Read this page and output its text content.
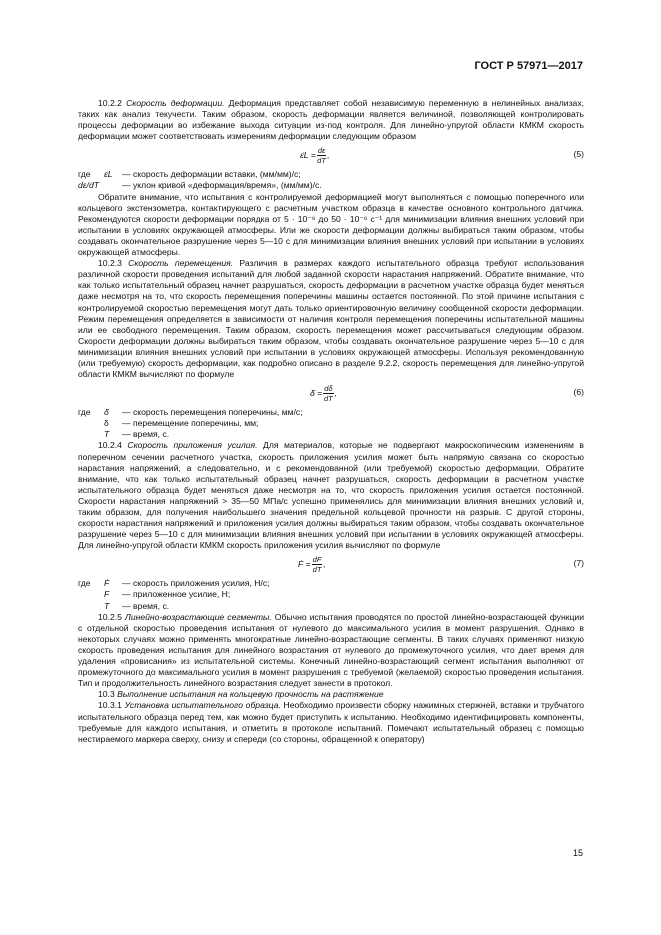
ГОСТ Р 57971—2017

10.2.2 Скорость деформации. Деформация представляет собой независимую переменную в нелинейных анализах, таких как анализ текучести. Таким образом, скорость деформации является величиной, позволяющей контролировать процессы деформации во избежание выхода ситуации из-под контроля. Для линейно-упругой области КМКМ скорость деформации может соответствовать измерениям деформации следующим образом

ε̇L = $\frac{d\varepsilon}{dT}$ ,	(5)
где	ε̇L	— скорость деформации вставки, (мм/мм)/с;
dε/dT	— уклон кривой «деформация/время», (мм/мм)/с.

Обратите внимание, что испытания с контролируемой деформацией могут выполняться с помощью поперечного или кольцевого экстензометра, контактирующего с расчетным участком образца в качестве основного контрольного датчика. Рекомендуются скорости деформации порядка от 5 · 10⁻⁶ до 50 · 10⁻⁶ с⁻¹ для минимизации влияния внешних условий при испытании в условиях окружающей атмосферы. Или же скорости деформации должны выбираться таким образом, чтобы создавать окончательное разрушение через 5—10 с для минимизации влияния внешних условий при испытании в условиях окружающей атмосферы.

10.2.3 Скорость перемещения. Различия в размерах каждого испытательного образца требуют использования различной скорости проведения испытаний для любой заданной скорости нарастания напряжений. Обратите внимание, что как только испытательный образец начнет разрушаться, скорость деформации в расчетном участке образца будет меняться даже несмотря на то, что скорость перемещения поперечины машины остается постоянной. По этой причине испытания с контролируемой скоростью перемещения могут дать только ориентировочную величину сообщенной скорости деформации. Режим перемещения определяется в зависимости от наличия контроля перемещения поперечины испытательной машины или ее свободного перемещения. Таким образом, скорость перемещения может рассчитываться следующим образом. Скорости деформации должны выбираться таким образом, чтобы создавать окончательное разрушение через 5—10 с для минимизации влияния внешних условий при испытании в условиях окружающей атмосферы. Используя рекомендованную (или требуемую) скорость деформации, как подробно описано в разделе 9.2.2, скорость перемещения для линейно-упругой области КМКМ вычисляют по формуле

δ̇ = $\frac{d\delta}{dT}$ ,	(6)
где	δ̇	— скорость перемещения поперечины, мм/с;
δ	— перемещение поперечины, мм;
T	— время, с.

10.2.4 Скорость приложения усилия. Для материалов, которые не подвергают макроскопическим изменениям в поперечном сечении расчетного участка, скорость приложения усилия может быть напрямую связана со скоростью нарастания напряжений, а следовательно, и с рекомендованной (или требуемой) скоростью деформации. Обратите внимание, что как только испытательный образец начнет разрушаться, скорость деформации в расчетном участке испытательного образца будет меняться даже несмотря на то, что скорость приложения усилия остается постоянной. Скорости нарастания напряжений > 35—50 МПа/с успешно применялись для минимизации влияния внешних условий и, таким образом, для получения наибольшего значения предельной кольцевой прочности на разрыв. С другой стороны, скорости нарастания напряжений и приложения усилия должны выбираться таким образом, чтобы создавать окончательное разрушение через 5—10 с для минимизации влияния внешних условий при испытании в условиях окружающей атмосферы. Для линейно-упругой области КМКМ скорость приложения усилия вычисляют по формуле

Ḟ = $\frac{dF}{dT}$ ,	(7)
где	Ḟ	— скорость приложения усилия, Н/с;
F	— приложенное усилие, Н;
T	— время, с.

10.2.5 Линейно-возрастающие сегменты. Обычно испытания проводятся по простой линейно-возрастающей функции с отдельной скоростью проведения испытания от нулевого до максимального усилия в момент разрушения. Однако в некоторых случаях можно применять многократные линейно-возрастающие сегменты. В таких случаях применяют низкую скорость проведения испытания для линейного возрастания от нулевого до промежуточного усилия, что дает время для удаления «провисания» из испытательной системы. Конечный линейно-возрастающий сегмент испытания выполняют от промежуточного до максимального усилия в момент разрушения с требуемой (желаемой) скоростью проведения испытания. Тип и продолжительность линейного возрастания следует занести в протокол.

10.3 Выполнение испытания на кольцевую прочность на растяжение

10.3.1 Установка испытательного образца. Необходимо произвести сборку нажимных стержней, вставки и трубчатого испытательного образца перед тем, как можно будет приступить к испытанию. Необходимо идентифицировать компоненты, требуемые для каждого испытания, и отметить в протоколе испытаний. Помечают испытательный образец с помощью нестираемого маркера сверху, снизу и спереди (со стороны, обращенной к оператору)

15
